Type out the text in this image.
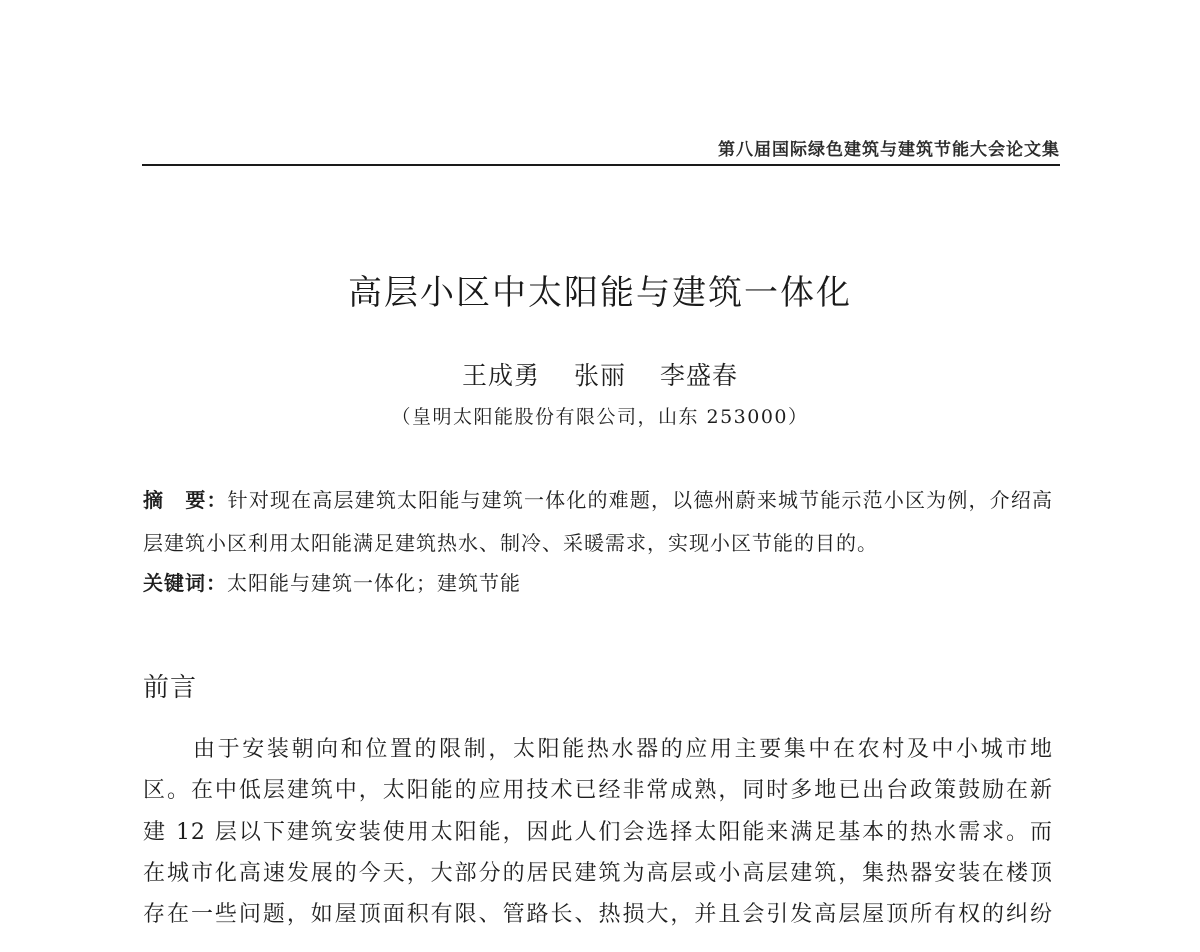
第八届国际绿色建筑与建筑节能大会论文集
高层小区中太阳能与建筑一体化
王成勇 张丽 李盛春
（皇明太阳能股份有限公司，山东 253000）
摘　要：针对现在高层建筑太阳能与建筑一体化的难题，以德州蔚来城节能示范小区为例，介绍高
层建筑小区利用太阳能满足建筑热水、制冷、采暖需求，实现小区节能的目的。
关键词：太阳能与建筑一体化；建筑节能
前言
由于安装朝向和位置的限制，太阳能热水器的应用主要集中在农村及中小城市地
区。在中低层建筑中，太阳能的应用技术已经非常成熟，同时多地已出台政策鼓励在新
建 12 层以下建筑安装使用太阳能，因此人们会选择太阳能来满足基本的热水需求。而
在城市化高速发展的今天，大部分的居民建筑为高层或小高层建筑，集热器安装在楼顶
存在一些问题，如屋顶面积有限、管路长、热损大，并且会引发高层屋顶所有权的纠纷
